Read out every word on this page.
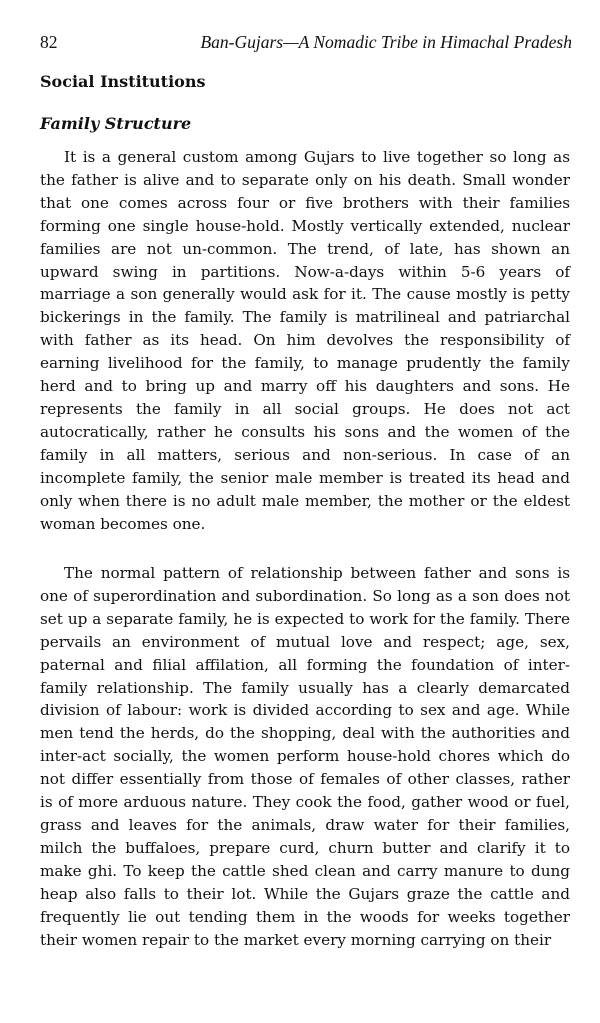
82	Ban-Gujars—A Nomadic Tribe in Himachal Pradesh
Social Institutions
Family Structure

It is a general custom among Gujars to live together so long as the father is alive and to separate only on his death. Small wonder that one comes across four or five brothers with their families forming one single house-hold. Mostly vertically extended, nuclear families are not un-common. The trend, of late, has shown an upward swing in partitions. Now-a-days within 5-6 years of marriage a son generally would ask for it. The cause mostly is petty bickerings in the family. The family is matrilineal and patriarchal with father as its head. On him devolves the responsibility of earning livelihood for the family, to manage prudently the family herd and to bring up and marry off his daughters and sons. He represents the family in all social groups. He does not act autocratically, rather he consults his sons and the women of the family in all matters, serious and non-serious. In case of an incomplete family, the senior male member is treated its head and only when there is no adult male member, the mother or the eldest woman becomes one.

The normal pattern of relationship between father and sons is one of superordination and subordination. So long as a son does not set up a separate family, he is expected to work for the family. There pervails an environment of mutual love and respect; age, sex, paternal and filial affilation, all forming the foundation of inter-family relationship. The family usually has a clearly demarcated division of labour: work is divided according to sex and age. While men tend the herds, do the shopping, deal with the authorities and inter-act socially, the women perform house-hold chores which do not differ essentially from those of females of other classes, rather is of more arduous nature. They cook the food, gather wood or fuel, grass and leaves for the animals, draw water for their families, milch the buffaloes, prepare curd, churn butter and clarify it to make ghi. To keep the cattle shed clean and carry manure to dung heap also falls to their lot. While the Gujars graze the cattle and frequently lie out tending them in the woods for weeks together their women repair to the market every morning carrying on their
